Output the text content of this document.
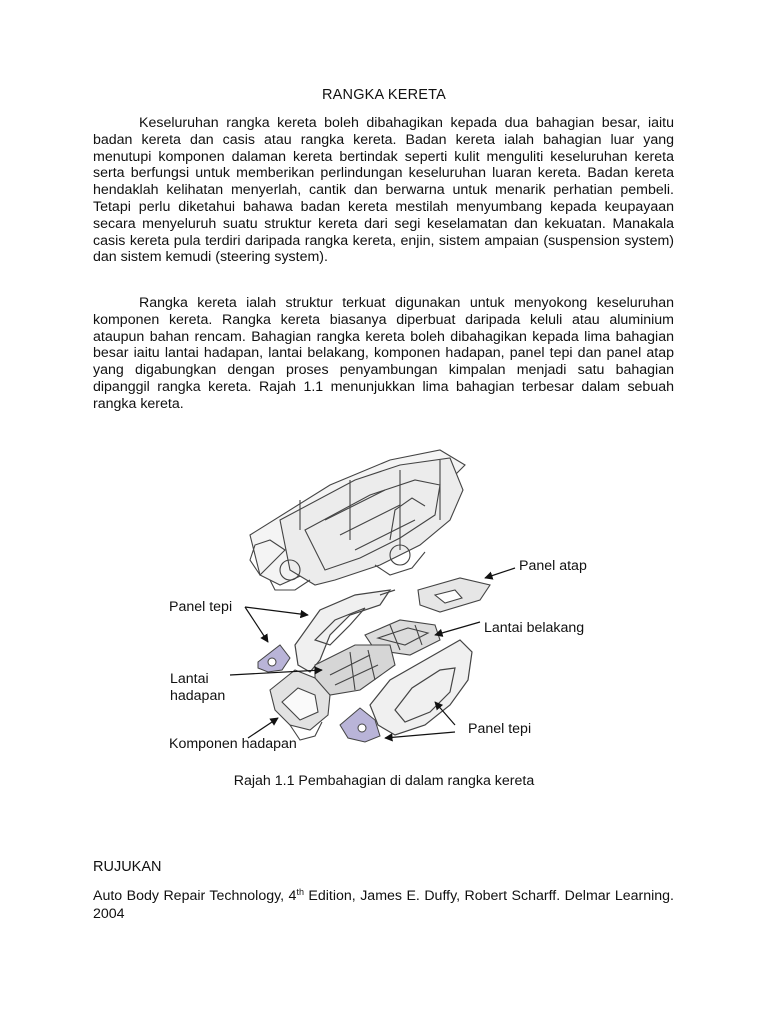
RANGKA KERETA

Keseluruhan rangka kereta boleh dibahagikan kepada dua bahagian besar, iaitu badan kereta dan casis atau rangka kereta. Badan kereta ialah bahagian luar yang menutupi komponen dalaman kereta bertindak seperti kulit menguliti keseluruhan kereta serta berfungsi untuk memberikan perlindungan keseluruhan luaran kereta. Badan kereta hendaklah kelihatan menyerlah, cantik dan berwarna untuk menarik perhatian pembeli. Tetapi perlu diketahui bahawa badan kereta mestilah menyumbang kepada keupayaan secara menyeluruh suatu struktur kereta dari segi keselamatan dan kekuatan. Manakala casis kereta pula terdiri daripada rangka kereta, enjin, sistem ampaian (suspension system) dan sistem kemudi (steering system).

Rangka kereta ialah struktur terkuat digunakan untuk menyokong keseluruhan komponen kereta. Rangka kereta biasanya diperbuat daripada keluli atau aluminium ataupun bahan rencam. Bahagian rangka kereta boleh dibahagikan kepada lima bahagian besar iaitu lantai hadapan, lantai belakang, komponen hadapan, panel tepi dan panel atap yang digabungkan dengan proses penyambungan kimpalan menjadi satu bahagian dipanggil rangka kereta. Rajah 1.1 menunjukkan lima bahagian terbesar dalam sebuah rangka kereta.

Panel atap
Panel tepi
Lantai belakang
Lantai
hadapan
Panel tepi
Komponen hadapan
Rajah 1.1 Pembahagian di dalam rangka kereta
RUJUKAN
Auto Body Repair Technology, 4th Edition, James E. Duffy, Robert Scharff. Delmar Learning. 2004
